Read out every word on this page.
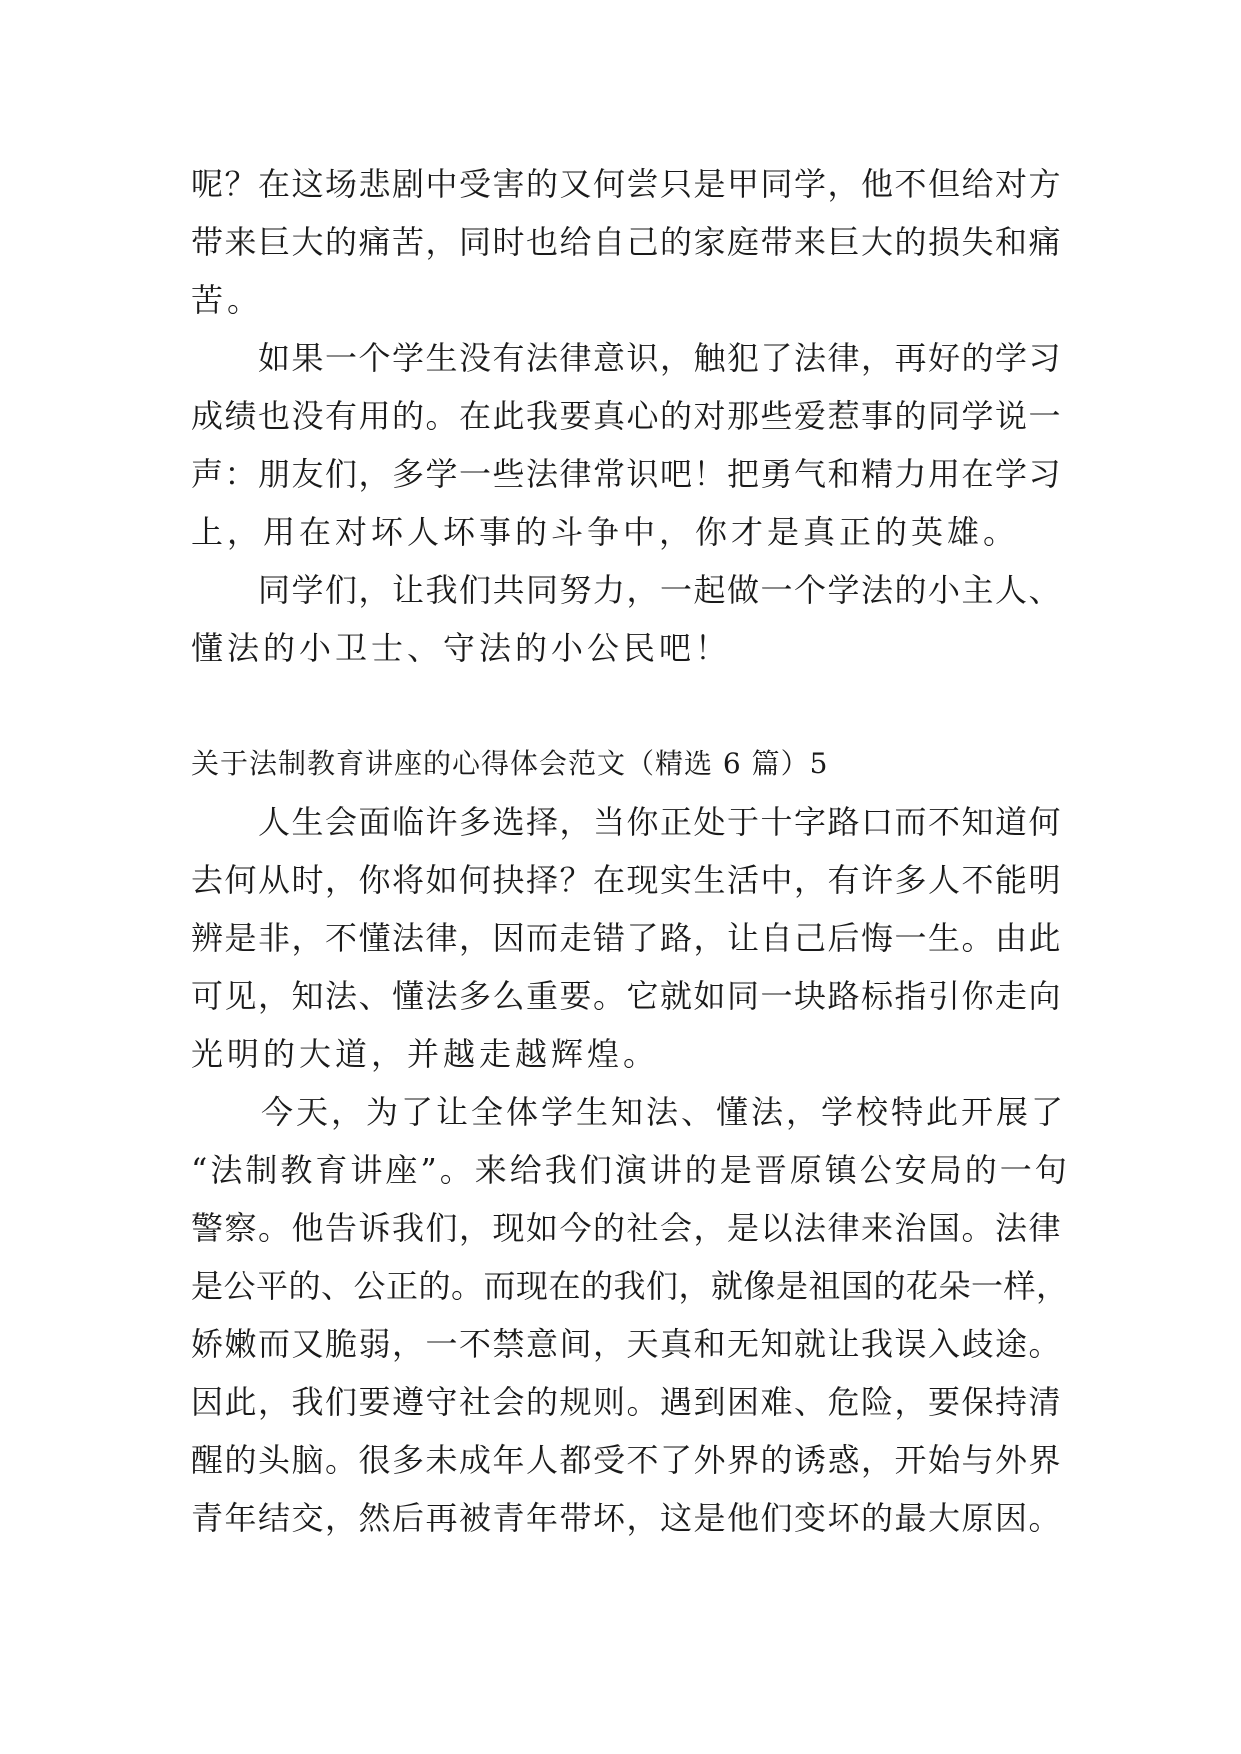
呢？在这场悲剧中受害的又何尝只是甲同学，他不但给对方

带来巨大的痛苦，同时也给自己的家庭带来巨大的损失和痛

苦。

　　如果一个学生没有法律意识，触犯了法律，再好的学习

成绩也没有用的。在此我要真心的对那些爱惹事的同学说一

声：朋友们，多学一些法律常识吧！把勇气和精力用在学习

上，用在对坏人坏事的斗争中，你才是真正的英雄。

　　同学们，让我们共同努力，一起做一个学法的小主人、

懂法的小卫士、守法的小公民吧！

关于法制教育讲座的心得体会范文（精选 6 篇）5

　　人生会面临许多选择，当你正处于十字路口而不知道何

去何从时，你将如何抉择？在现实生活中，有许多人不能明

辨是非，不懂法律，因而走错了路，让自己后悔一生。由此

可见，知法、懂法多么重要。它就如同一块路标指引你走向

光明的大道，并越走越辉煌。

　　今天，为了让全体学生知法、懂法，学校特此开展了

“法制教育讲座”。来给我们演讲的是晋原镇公安局的一句

警察。他告诉我们，现如今的社会，是以法律来治国。法律

是公平的、公正的。而现在的我们，就像是祖国的花朵一样，

娇嫩而又脆弱，一不禁意间，天真和无知就让我误入歧途。

因此，我们要遵守社会的规则。遇到困难、危险，要保持清

醒的头脑。很多未成年人都受不了外界的诱惑，开始与外界

青年结交，然后再被青年带坏，这是他们变坏的最大原因。
